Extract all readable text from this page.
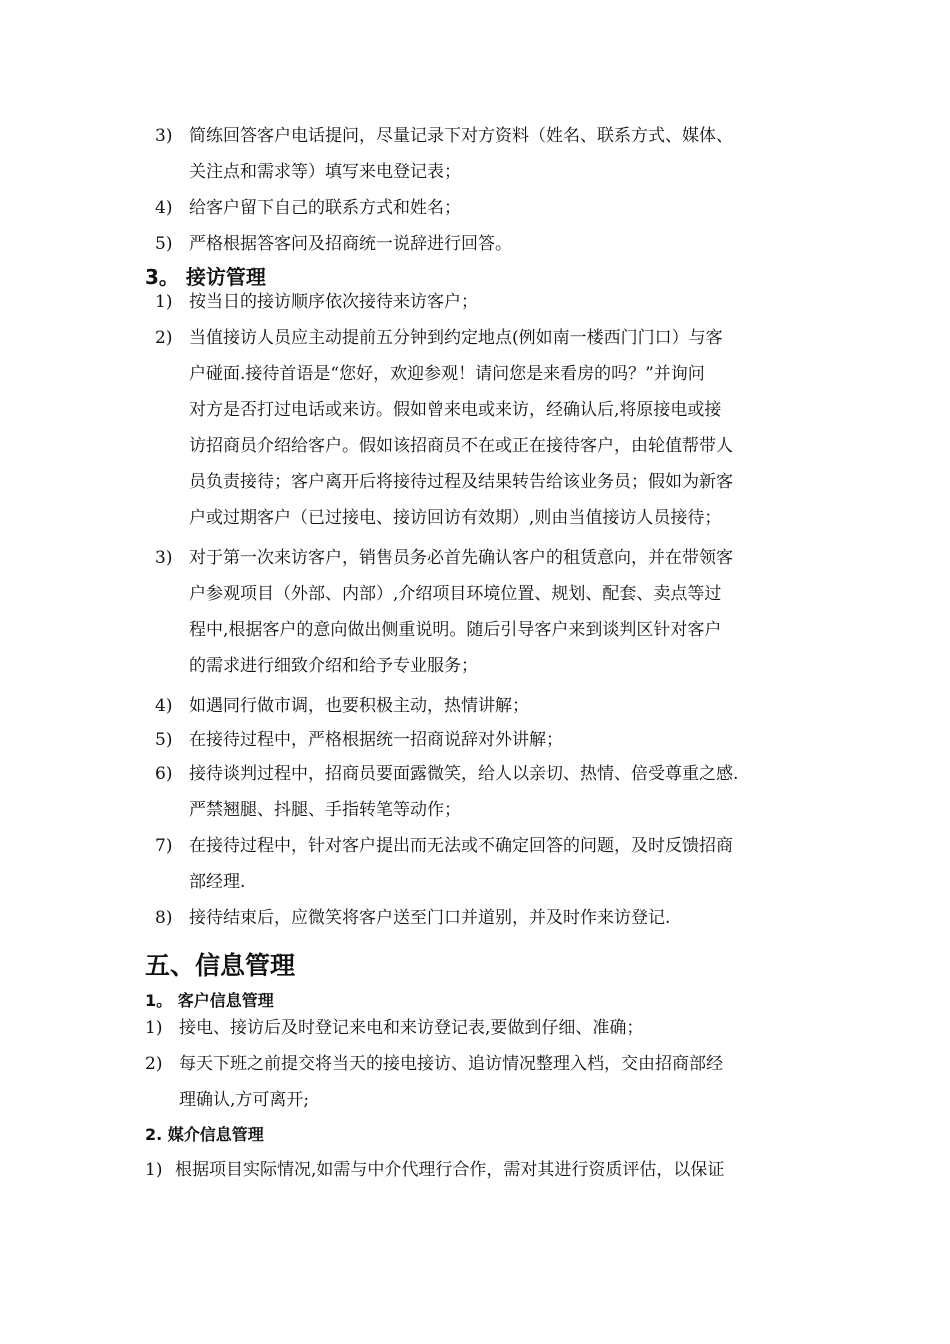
3) 简练回答客户电话提问，尽量记录下对方资料（姓名、联系方式、媒体、
关注点和需求等）填写来电登记表；
4) 给客户留下自己的联系方式和姓名；
5) 严格根据答客问及招商统一说辞进行回答。
3。 接访管理
1) 按当日的接访顺序依次接待来访客户；
2) 当值接访人员应主动提前五分钟到约定地点(例如南一楼西门门口）与客
户碰面.接待首语是“您好，欢迎参观！请问您是来看房的吗？”并询问
对方是否打过电话或来访。假如曾来电或来访，经确认后,将原接电或接
访招商员介绍给客户。假如该招商员不在或正在接待客户，由轮值帮带人
员负责接待；客户离开后将接待过程及结果转告给该业务员；假如为新客
户或过期客户（已过接电、接访回访有效期）,则由当值接访人员接待；
3) 对于第一次来访客户，销售员务必首先确认客户的租赁意向，并在带领客
户参观项目（外部、内部）,介绍项目环境位置、规划、配套、卖点等过
程中,根据客户的意向做出侧重说明。随后引导客户来到谈判区针对客户
的需求进行细致介绍和给予专业服务；
4) 如遇同行做市调，也要积极主动，热情讲解；
5) 在接待过程中，严格根据统一招商说辞对外讲解；
6) 接待谈判过程中，招商员要面露微笑，给人以亲切、热情、倍受尊重之感.
严禁翘腿、抖腿、手指转笔等动作；
7) 在接待过程中，针对客户提出而无法或不确定回答的问题，及时反馈招商
部经理.
8) 接待结束后，应微笑将客户送至门口并道别，并及时作来访登记.
五、信息管理
1。 客户信息管理
1) 接电、接访后及时登记来电和来访登记表,要做到仔细、准确；
2) 每天下班之前提交将当天的接电接访、追访情况整理入档，交由招商部经
理确认,方可离开;
2. 媒介信息管理
1) 根据项目实际情况,如需与中介代理行合作，需对其进行资质评估，以保证
